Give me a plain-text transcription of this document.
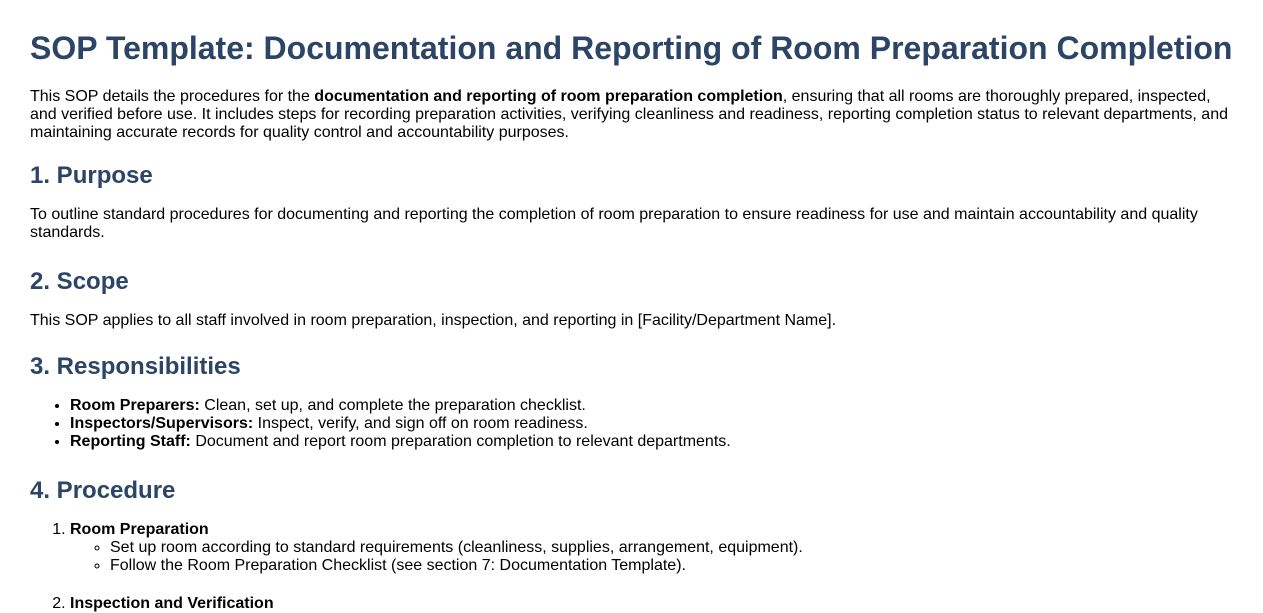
SOP Template: Documentation and Reporting of Room Preparation Completion

This SOP details the procedures for the documentation and reporting of room preparation completion, ensuring that all rooms are thoroughly prepared, inspected, and verified before use. It includes steps for recording preparation activities, verifying cleanliness and readiness, reporting completion status to relevant departments, and maintaining accurate records for quality control and accountability purposes.

1. Purpose

To outline standard procedures for documenting and reporting the completion of room preparation to ensure readiness for use and maintain accountability and quality standards.

2. Scope

This SOP applies to all staff involved in room preparation, inspection, and reporting in [Facility/Department Name].

3. Responsibilities
• Room Preparers: Clean, set up, and complete the preparation checklist.
• Inspectors/Supervisors: Inspect, verify, and sign off on room readiness.
• Reporting Staff: Document and report room preparation completion to relevant departments.
4. Procedure
1. Room Preparation
◦ Set up room according to standard requirements (cleanliness, supplies, arrangement, equipment).
◦ Follow the Room Preparation Checklist (see section 7: Documentation Template).
2. Inspection and Verification
